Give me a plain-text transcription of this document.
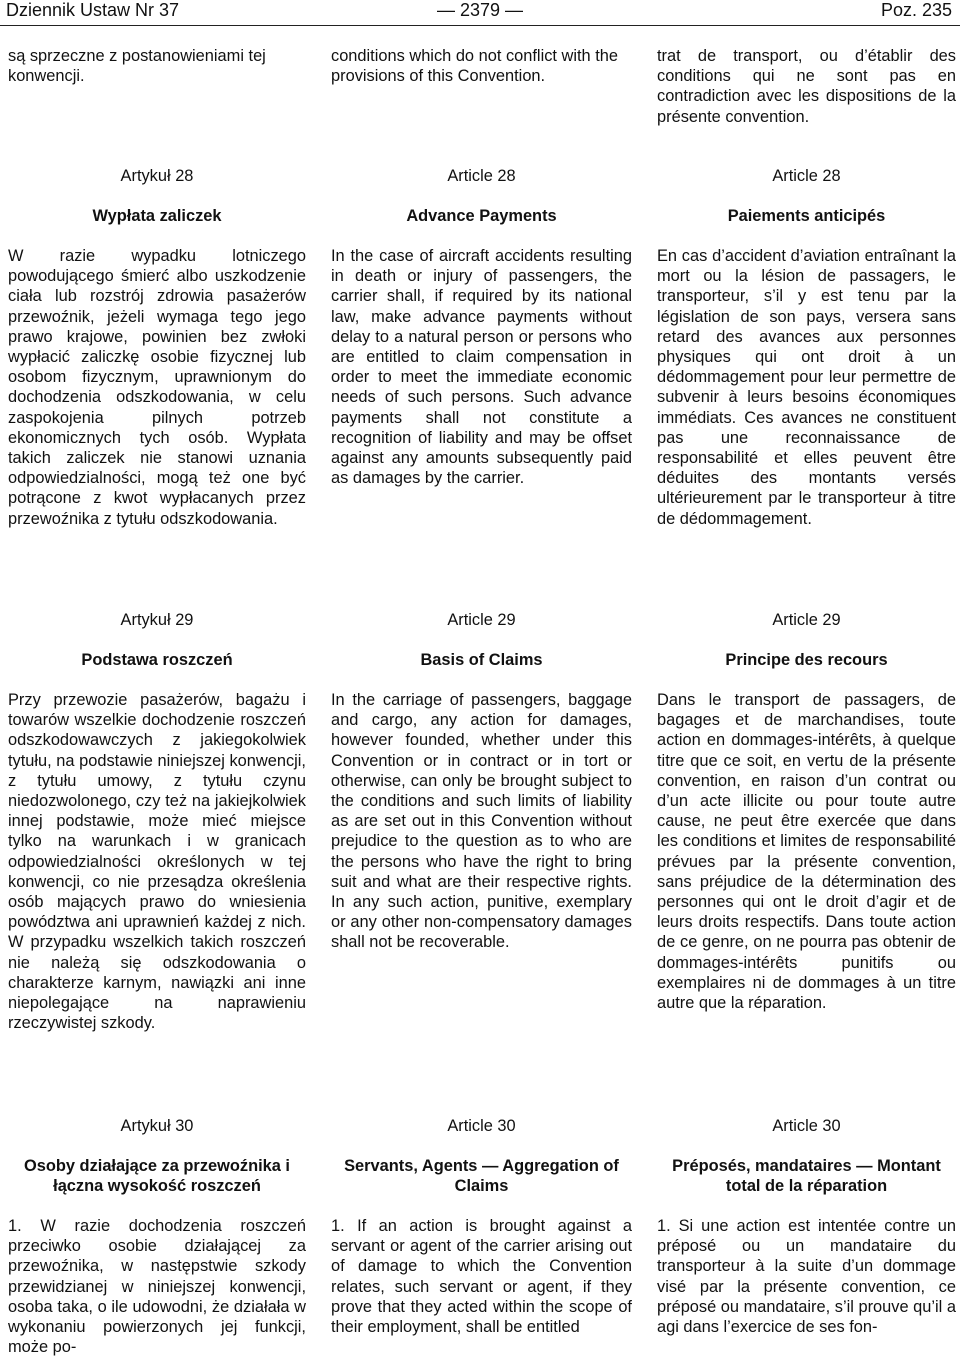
Dziennik Ustaw Nr 37	— 2379 —	Poz. 235

są sprzeczne z postanowieniami tej konwencji.

Artykuł 28

Wypłata zaliczek

W razie wypadku lotniczego powodującego śmierć albo uszkodzenie ciała lub rozstrój zdrowia pasażerów przewoźnik, jeżeli wymaga tego jego prawo krajowe, powinien bez zwłoki wypłacić zaliczkę osobie fizycznej lub osobom fizycznym, uprawnionym do dochodzenia odszkodowania, w celu zaspokojenia pilnych potrzeb ekonomicznych tych osób. Wypłata takich zaliczek nie stanowi uznania odpowiedzialności, mogą też one być potrącone z kwot wypłacanych przez przewoźnika z tytułu odszkodowania.

Artykuł 29

Podstawa roszczeń

Przy przewozie pasażerów, bagażu i towarów wszelkie dochodzenie roszczeń odszkodowawczych z jakiegokolwiek tytułu, na podstawie niniejszej konwencji, z tytułu umowy, z tytułu czynu niedozwolonego, czy też na jakiejkolwiek innej podstawie, może mieć miejsce tylko na warunkach i w granicach odpowiedzialności określonych w tej konwencji, co nie przesądza określenia osób mających prawo do wniesienia powództwa ani uprawnień każdej z nich. W przypadku wszelkich takich roszczeń nie należą się odszkodowania o charakterze karnym, nawiązki ani inne niepolegające na naprawieniu rzeczywistej szkody.

Artykuł 30

Osoby działające za przewoźnika i łączna wysokość roszczeń

1. W razie dochodzenia roszczeń przeciwko osobie działającej za przewoźnika, w następstwie szkody przewidzianej w niniejszej konwencji, osoba taka, o ile udowodni, że działała w wykonaniu powierzonych jej funkcji, może po-

conditions which do not conflict with the provisions of this Convention.

Article 28

Advance Payments

In the case of aircraft accidents resulting in death or injury of passengers, the carrier shall, if required by its national law, make advance payments without delay to a natural person or persons who are entitled to claim compensation in order to meet the immediate economic needs of such persons. Such advance payments shall not constitute a recognition of liability and may be offset against any amounts subsequently paid as damages by the carrier.

Article 29

Basis of Claims

In the carriage of passengers, baggage and cargo, any action for damages, however founded, whether under this Convention or in contract or in tort or otherwise, can only be brought subject to the conditions and such limits of liability as are set out in this Convention without prejudice to the question as to who are the persons who have the right to bring suit and what are their respective rights. In any such action, punitive, exemplary or any other non-compensatory damages shall not be recoverable.

Article 30

Servants, Agents — Aggregation of Claims

1. If an action is brought against a servant or agent of the carrier arising out of damage to which the Convention relates, such servant or agent, if they prove that they acted within the scope of their employment, shall be entitled

trat de transport, ou d’établir des conditions qui ne sont pas en contradiction avec les dispositions de la présente convention.

Article 28

Paiements anticipés

En cas d’accident d’aviation entraînant la mort ou la lésion de passagers, le transporteur, s’il y est tenu par la législation de son pays, versera sans retard des avances aux personnes physiques qui ont droit à un dédommagement pour leur permettre de subvenir à leurs besoins économiques immédiats. Ces avances ne constituent pas une reconnaissance de responsabilité et elles peuvent être déduites des montants versés ultérieurement par le transporteur à titre de dédommagement.

Article 29

Principe des recours

Dans le transport de passagers, de bagages et de marchandises, toute action en dommages-intérêts, à quelque titre que ce soit, en vertu de la présente convention, en raison d’un contrat ou d’un acte illicite ou pour toute autre cause, ne peut être exercée que dans les conditions et limites de responsabilité prévues par la présente convention, sans préjudice de la détermination des personnes qui ont le droit d’agir et de leurs droits respectifs. Dans toute action de ce genre, on ne pourra pas obtenir de dommages-intérêts punitifs ou exemplaires ni de dommages à un titre autre que la réparation.

Article 30

Préposés, mandataires — Montant total de la réparation

1. Si une action est intentée contre un préposé ou un mandataire du transporteur à la suite d’un dommage visé par la présente convention, ce préposé ou mandataire, s’il prouve qu’il a agi dans l’exercice de ses fon-
